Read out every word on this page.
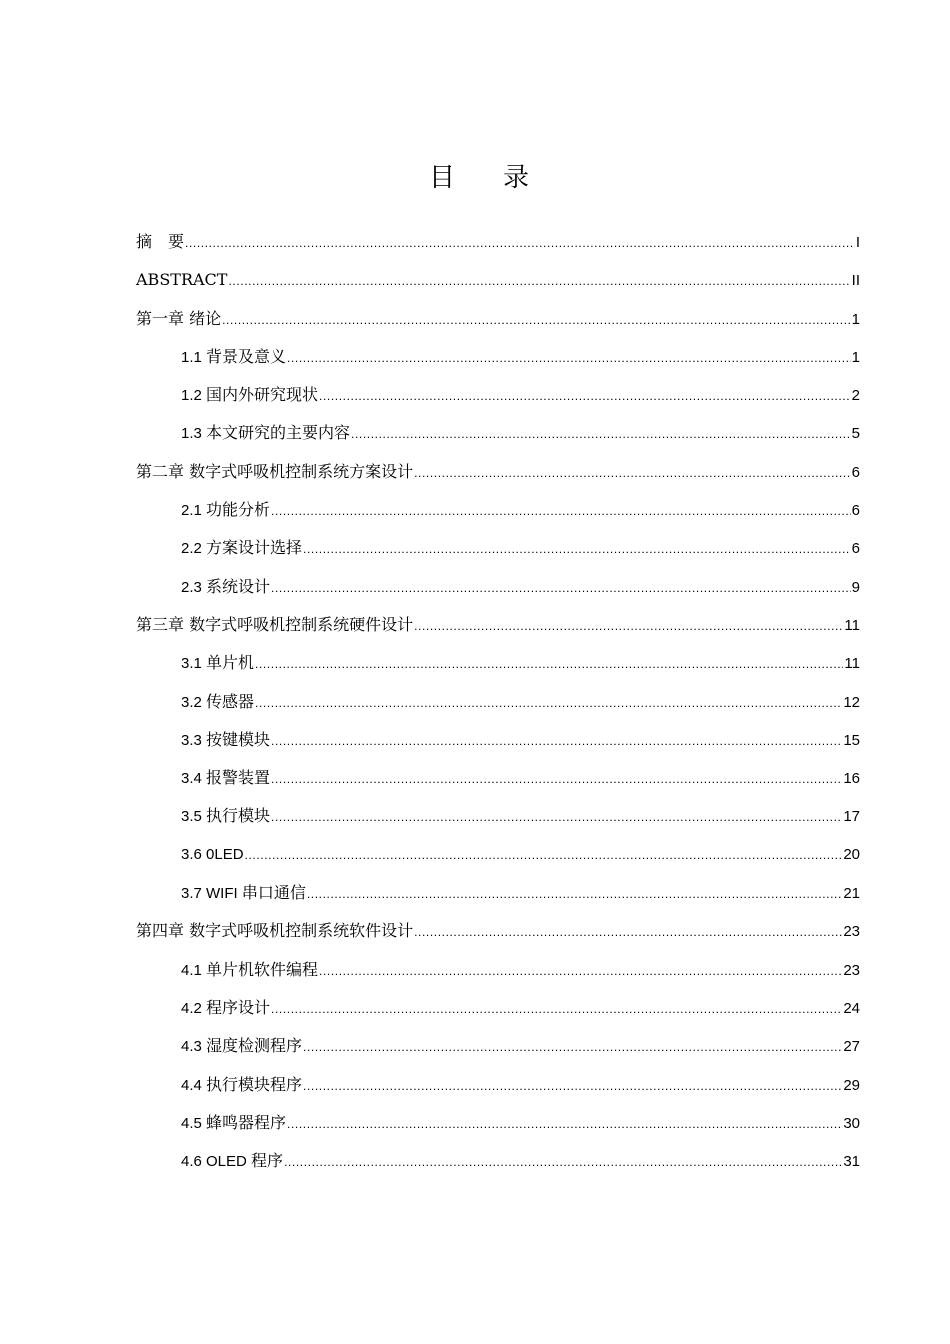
目录
摘　要 .....	I
ABSTRACT .....	II
第一章 绪论 .....	1
1.1 背景及意义 .....	1
1.2 国内外研究现状 .....	2
1.3 本文研究的主要内容 .....	5
第二章 数字式呼吸机控制系统方案设计 .....	6
2.1 功能分析 .....	6
2.2 方案设计选择 .....	6
2.3 系统设计 .....	9
第三章 数字式呼吸机控制系统硬件设计 .....	11
3.1 单片机 .....	11
3.2 传感器 .....	12
3.3 按键模块 .....	15
3.4 报警装置 .....	16
3.5 执行模块 .....	17
3.6 0LED .....	20
3.7 WIFI 串口通信 .....	21
第四章 数字式呼吸机控制系统软件设计 .....	23
4.1 单片机软件编程 .....	23
4.2 程序设计 .....	24
4.3 湿度检测程序 .....	27
4.4 执行模块程序 .....	29
4.5 蜂鸣器程序 .....	30
4.6 OLED 程序 .....	31
